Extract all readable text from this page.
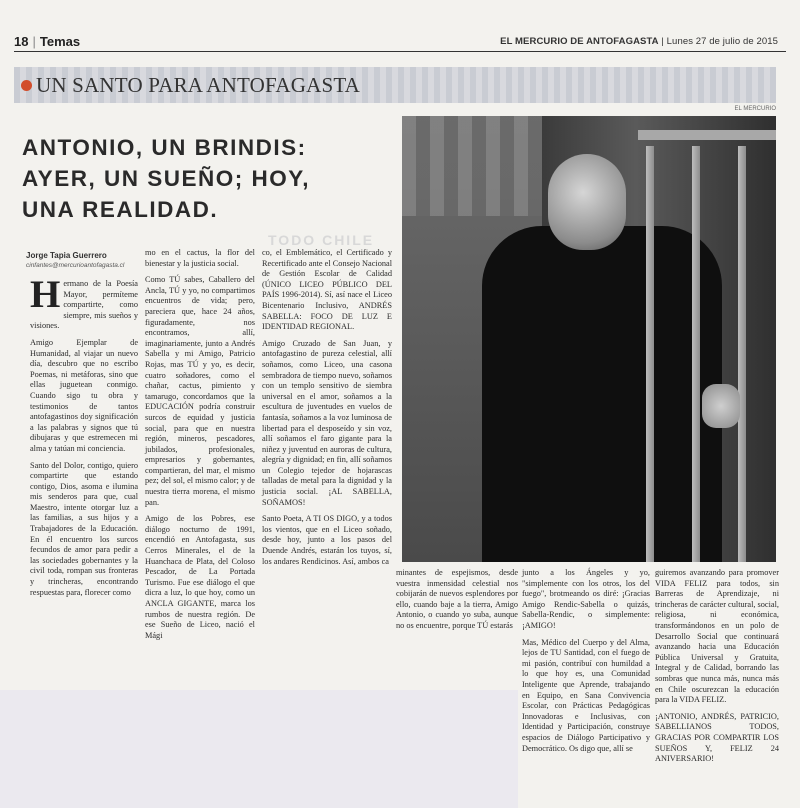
18 | Temas	EL MERCURIO DE ANTOFAGASTA | Lunes 27 de julio de 2015
UN SANTO PARA ANTOFAGASTA
EL MERCURIO
ANTONIO, UN BRINDIS:
AYER, UN SUEÑO; HOY,
UNA REALIDAD.
TODO CHILE
Jorge Tapia Guerrero
cinfantes@mercurioantofagasta.cl

Hermano de la Poesía Mayor, permíteme compartirte, como siempre, mis sueños y visiones.

Amigo Ejemplar de Humanidad, al viajar un nuevo día, descubro que no escribo Poemas, ni metáforas, sino que ellas juguetean conmigo. Cuando sigo tu obra y testimonios de tantos antofagastinos doy significación a las palabras y signos que tú dibujaras y que estremecen mi alma y tatúan mi conciencia.

Santo del Dolor, contigo, quiero compartirte que estando contigo, Dios, asoma e ilumina mis senderos para que, cual Maestro, intente otorgar luz a las familias, a sus hijos y a Trabajadores de la Educación. En él encuentro los surcos fecundos de amor para pedir a las sociedades gobernantes y la civil toda, rompan sus fronteras y trincheras, encontrando respuestas para, florecer como

mo en el cactus, la flor del bienestar y la justicia social.

Como TÚ sabes, Caballero del Ancla, TÚ y yo, no compartimos encuentros de vida; pero, pareciera que, hace 24 años, figuradamente, nos encontramos, allí, imaginariamente, junto a Andrés Sabella y mi Amigo, Patricio Rojas, mas TÚ y yo, es decir, cuatro soñadores, como el chañar, cactus, pimiento y tamarugo, concordamos que la EDUCACIÓN podría construir surcos de equidad y justicia social, para que en nuestra región, mineros, pescadores, jubilados, profesionales, empresarios y gobernantes, compartieran, del mar, el mismo pez; del sol, el mismo calor; y de nuestra tierra morena, el mismo pan.

Amigo de los Pobres, ese diálogo nocturno de 1991, encendió en Antofagasta, sus Cerros Minerales, el de la Huanchaca de Plata, del Coloso Pescador, de La Portada Turismo. Fue ese diálogo el que dicra a luz, lo que hoy, como un ANCLA GIGANTE, marca los rumbos de nuestra región. De ese Sueño de Liceo, nació el Mági

co, el Emblemático, el Certificado y Recertificado ante el Consejo Nacional de Gestión Escolar de Calidad (ÚNICO LICEO PÚBLICO DEL PAÍS 1996-2014). Sí, así nace el Liceo Bicentenario Inclusivo, ANDRÉS SABELLA: FOCO DE LUZ E IDENTIDAD REGIONAL.

Amigo Cruzado de San Juan, y antofagastino de pureza celestial, allí soñamos, como Liceo, una casona sembradora de tiempo nuevo, soñamos con un templo sensitivo de siembra universal en el amor, soñamos a la escultura de juventudes en vuelos de fantasía, soñamos a la voz luminosa de libertad para el desposeído y sin voz, allí soñamos el faro gigante para la niñez y juventud en auroras de cultura, alegría y dignidad; en fin, allí soñamos un Colegio tejedor de hojarascas talladas de metal para la dignidad y la justicia social. ¡AL SABELLA, SOÑAMOS!

Santo Poeta, A TI OS DIGO, y a todos los vientos, que en el Liceo soñado, desde hoy, junto a los pasos del Duende Andrés, estarán los tuyos, sí, los andares Rendicinos. Así, ambos ca

minantes de espejismos, desde vuestra inmensidad celestial nos cobijarán de nuevos esplendores por ello, cuando baje a la tierra, Amigo Antonio, o cuando yo suba, aunque no os encuentre, porque TÚ estarás

junto a los Ángeles y yo, "simplemente con los otros, los del fuego", brotmeando os diré: ¡Gracias Amigo Rendic-Sabella o quizás, Sabella-Rendic, o simplemente: ¡AMIGO!

Mas, Médico del Cuerpo y del Alma, lejos de TU Santidad, con el fuego de mi pasión, contribuí con humildad a lo que hoy es, una Comunidad Inteligente que Aprende, trabajando en Equipo, en Sana Convivencia Escolar, con Prácticas Pedagógicas Innovadoras e Inclusivas, con Identidad y Participación, construye espacios de Diálogo Participativo y Democrático. Os digo que, allí se

guiremos avanzando para promover VIDA FELIZ para todos, sin Barreras de Aprendizaje, ni trincheras de carácter cultural, social, religiosa, ni económica, transformándonos en un polo de Desarrollo Social que continuará avanzando hacia una Educación Pública Universal y Gratuita, Integral y de Calidad, borrando las sombras que nunca más, nunca más en Chile oscurezcan la educación para la VIDA FELIZ.

¡ANTONIO, ANDRÉS, PATRICIO, SABELLIANOS TODOS, GRACIAS POR COMPARTIR LOS SUEÑOS Y, FELIZ 24 ANIVERSARIO!
